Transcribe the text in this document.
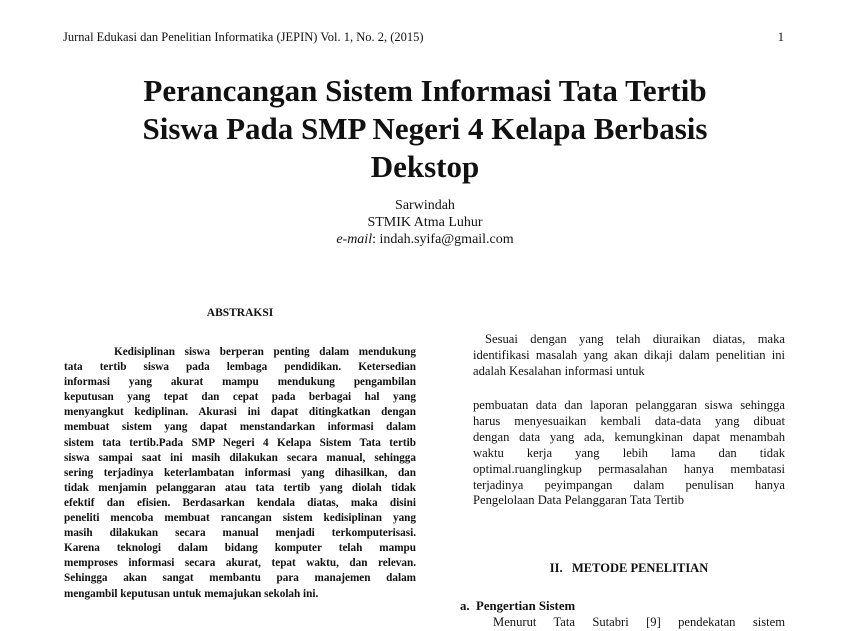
Jurnal Edukasi dan Penelitian Informatika (JEPIN) Vol. 1, No. 2, (2015)	1
Perancangan Sistem Informasi Tata Tertib
Siswa Pada SMP Negeri 4 Kelapa Berbasis
Dekstop
Sarwindah
STMIK Atma Luhur
e-mail: indah.syifa@gmail.com
ABSTRAKSI
Kedisiplinan siswa berperan penting dalam mendukung
tata tertib siswa pada lembaga pendidikan. Ketersedian
informasi yang akurat mampu mendukung pengambilan
keputusan yang tepat dan cepat pada berbagai hal yang
menyangkut kediplinan. Akurasi ini dapat ditingkatkan dengan
membuat sistem yang dapat menstandarkan informasi dalam
sistem tata tertib.Pada SMP Negeri 4 Kelapa Sistem Tata tertib
siswa sampai saat ini masih dilakukan secara manual, sehingga
sering terjadinya keterlambatan informasi yang dihasilkan, dan
tidak menjamin pelanggaran atau tata tertib yang diolah tidak
efektif dan efisien. Berdasarkan kendala diatas, maka disini
peneliti mencoba membuat rancangan sistem kedisiplinan yang
masih dilakukan secara manual menjadi terkomputerisasi.
Karena teknologi dalam bidang komputer telah mampu
memproses informasi secara akurat, tepat waktu, dan relevan.
Sehingga akan sangat membantu para manajemen dalam
mengambil keputusan untuk memajukan sekolah ini.
Sesuai dengan yang telah diuraikan diatas, maka
identifikasi masalah yang akan dikaji dalam penelitian ini
adalah Kesalahan informasi untuk
pembuatan data dan laporan pelanggaran siswa sehingga
harus menyesuaikan kembali data-data yang dibuat
dengan data yang ada, kemungkinan dapat menambah
waktu kerja yang lebih lama dan tidak
optimal.ruanglingkup permasalahan hanya membatasi
terjadinya peyimpangan dalam penulisan hanya
Pengelolaan Data Pelanggaran Tata Tertib
II.   METODE PENELITIAN
a.  Pengertian Sistem
Menurut Tata Sutabri [9] pendekatan sistem
